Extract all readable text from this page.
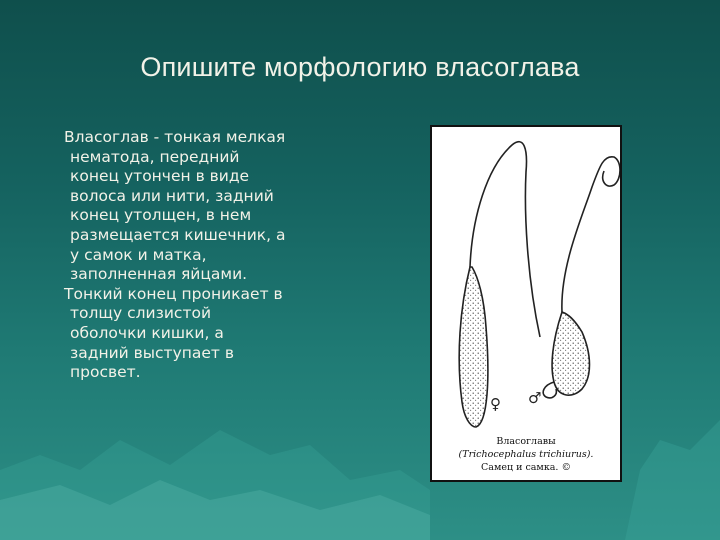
Опишите морфологию власоглава

Власоглав - тонкая мелкая
нематода, передний
конец утончен в виде
волоса или нити, задний
конец утолщен, в нем
размещается кишечник, а
у самок и матка,
заполненная яйцами.

Тонкий конец проникает в
толщу слизистой
оболочки кишки, а
задний выступает в
просвет.

♀ ♂
Власоглавы
(Trichocephalus trichiurus).
Самец и самка. ©
